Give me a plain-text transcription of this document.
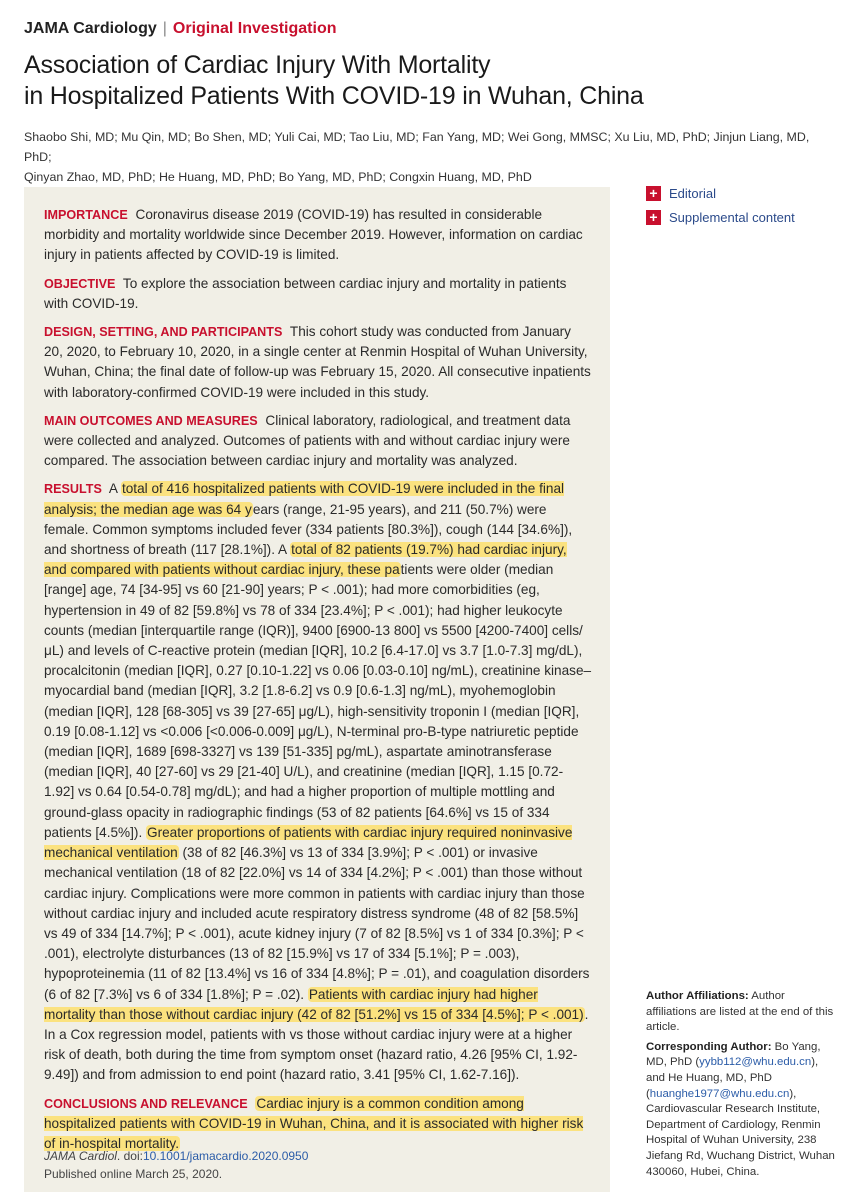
JAMA Cardiology | Original Investigation
Association of Cardiac Injury With Mortality
in Hospitalized Patients With COVID-19 in Wuhan, China
Shaobo Shi, MD; Mu Qin, MD; Bo Shen, MD; Yuli Cai, MD; Tao Liu, MD; Fan Yang, MD; Wei Gong, MMSC; Xu Liu, MD, PhD; Jinjun Liang, MD, PhD;
Qinyan Zhao, MD, PhD; He Huang, MD, PhD; Bo Yang, MD, PhD; Congxin Huang, MD, PhD

IMPORTANCE Coronavirus disease 2019 (COVID-19) has resulted in considerable morbidity and mortality worldwide since December 2019. However, information on cardiac injury in patients affected by COVID-19 is limited.

OBJECTIVE To explore the association between cardiac injury and mortality in patients with COVID-19.

DESIGN, SETTING, AND PARTICIPANTS This cohort study was conducted from January 20, 2020, to February 10, 2020, in a single center at Renmin Hospital of Wuhan University, Wuhan, China; the final date of follow-up was February 15, 2020. All consecutive inpatients with laboratory-confirmed COVID-19 were included in this study.

MAIN OUTCOMES AND MEASURES Clinical laboratory, radiological, and treatment data were collected and analyzed. Outcomes of patients with and without cardiac injury were compared. The association between cardiac injury and mortality was analyzed.

RESULTS A total of 416 hospitalized patients with COVID-19 were included in the final analysis; the median age was 64 years (range, 21-95 years), and 211 (50.7%) were female. Common symptoms included fever (334 patients [80.3%]), cough (144 [34.6%]), and shortness of breath (117 [28.1%]). A total of 82 patients (19.7%) had cardiac injury, and compared with patients without cardiac injury, these patients were older (median [range] age, 74 [34-95] vs 60 [21-90] years; P < .001); had more comorbidities (eg, hypertension in 49 of 82 [59.8%] vs 78 of 334 [23.4%]; P < .001); had higher leukocyte counts (median [interquartile range (IQR)], 9400 [6900-13 800] vs 5500 [4200-7400] cells/μL) and levels of C-reactive protein (median [IQR], 10.2 [6.4-17.0] vs 3.7 [1.0-7.3] mg/dL), procalcitonin (median [IQR], 0.27 [0.10-1.22] vs 0.06 [0.03-0.10] ng/mL), creatinine kinase–myocardial band (median [IQR], 3.2 [1.8-6.2] vs 0.9 [0.6-1.3] ng/mL), myohemoglobin (median [IQR], 128 [68-305] vs 39 [27-65] μg/L), high-sensitivity troponin I (median [IQR], 0.19 [0.08-1.12] vs <0.006 [<0.006-0.009] μg/L), N-terminal pro-B-type natriuretic peptide (median [IQR], 1689 [698-3327] vs 139 [51-335] pg/mL), aspartate aminotransferase (median [IQR], 40 [27-60] vs 29 [21-40] U/L), and creatinine (median [IQR], 1.15 [0.72-1.92] vs 0.64 [0.54-0.78] mg/dL); and had a higher proportion of multiple mottling and ground-glass opacity in radiographic findings (53 of 82 patients [64.6%] vs 15 of 334 patients [4.5%]). Greater proportions of patients with cardiac injury required noninvasive mechanical ventilation (38 of 82 [46.3%] vs 13 of 334 [3.9%]; P < .001) or invasive mechanical ventilation (18 of 82 [22.0%] vs 14 of 334 [4.2%]; P < .001) than those without cardiac injury. Complications were more common in patients with cardiac injury than those without cardiac injury and included acute respiratory distress syndrome (48 of 82 [58.5%] vs 49 of 334 [14.7%]; P < .001), acute kidney injury (7 of 82 [8.5%] vs 1 of 334 [0.3%]; P < .001), electrolyte disturbances (13 of 82 [15.9%] vs 17 of 334 [5.1%]; P = .003), hypoproteinemia (11 of 82 [13.4%] vs 16 of 334 [4.8%]; P = .01), and coagulation disorders (6 of 82 [7.3%] vs 6 of 334 [1.8%]; P = .02). Patients with cardiac injury had higher mortality than those without cardiac injury (42 of 82 [51.2%] vs 15 of 334 [4.5%]; P < .001). In a Cox regression model, patients with vs those without cardiac injury were at a higher risk of death, both during the time from symptom onset (hazard ratio, 4.26 [95% CI, 1.92-9.49]) and from admission to end point (hazard ratio, 3.41 [95% CI, 1.62-7.16]).

CONCLUSIONS AND RELEVANCE Cardiac injury is a common condition among hospitalized patients with COVID-19 in Wuhan, China, and it is associated with higher risk of in-hospital mortality.

JAMA Cardiol. doi:10.1001/jamacardio.2020.0950
Published online March 25, 2020.
+ Editorial
+ Supplemental content

Author Affiliations: Author affiliations are listed at the end of this article.

Corresponding Author: Bo Yang, MD, PhD (yybb112@whu.edu.cn), and He Huang, MD, PhD (huanghe1977@whu.edu.cn), Cardiovascular Research Institute, Department of Cardiology, Renmin Hospital of Wuhan University, 238 Jiefang Rd, Wuchang District, Wuhan 430060, Hubei, China.
